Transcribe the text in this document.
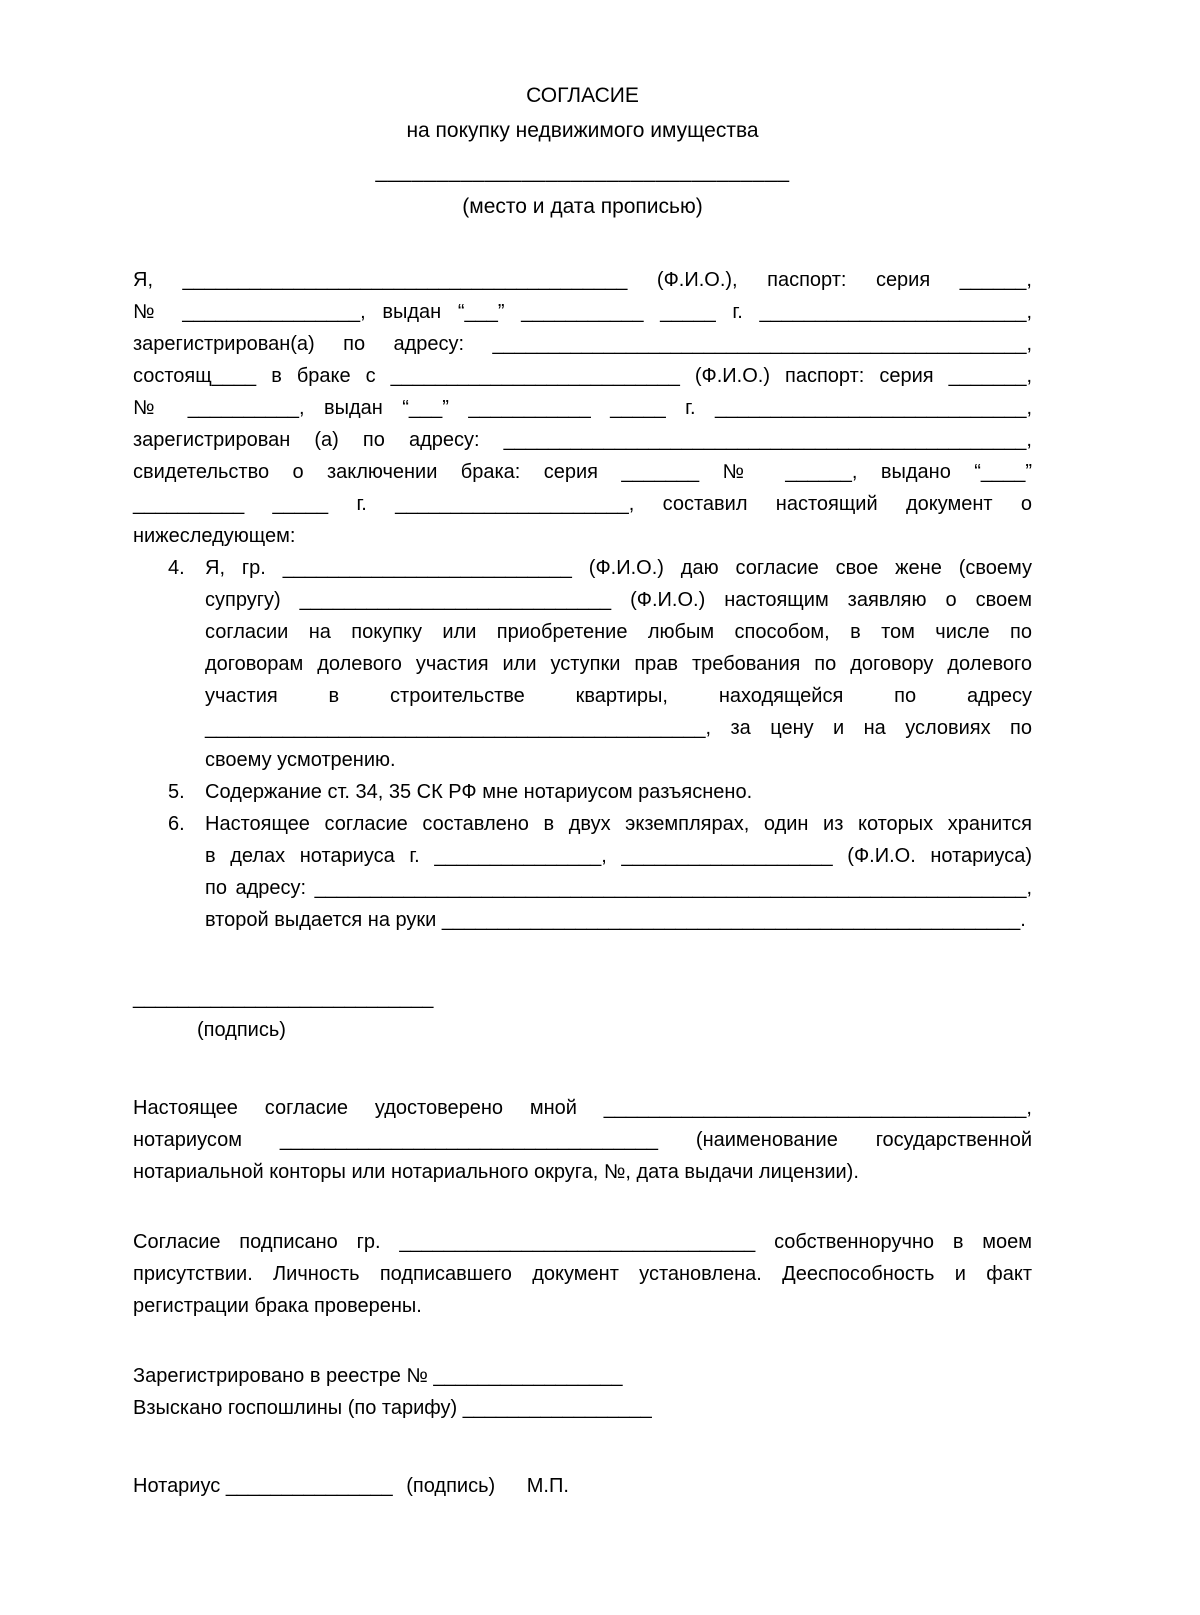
СОГЛАСИЕ
на покупку недвижимого имущества
__________________________________
(место и дата прописью)
Я, ________________________________________ (Ф.И.О.), паспорт: серия ______,
№ ________________, выдан “___” ___________ _____ г. ________________________,
зарегистрирован(а) по адресу: ________________________________________________,
состоящ____ в браке с __________________________ (Ф.И.О.) паспорт: серия _______,
№ __________, выдан “___” ___________ _____ г. ____________________________,
зарегистрирован (а) по адресу: _______________________________________________,
свидетельство о заключении брака: серия _______ № ______, выдано “____”
__________ _____ г. _____________________, составил настоящий документ о
нижеследующем:
4.	Я, гр. __________________________ (Ф.И.О.) даю согласие свое жене (своему
супругу) ____________________________ (Ф.И.О.) настоящим заявляю о своем
согласии на покупку или приобретение любым способом, в том числе по
договорам долевого участия или уступки прав требования по договору долевого
участия в строительстве квартиры, находящейся по адресу
_____________________________________________, за цену и на условиях по
своему усмотрению.
5.	Содержание ст. 34, 35 СК РФ мне нотариусом разъяснено.
6.	Настоящее согласие составлено в двух экземплярах, один из которых хранится
в делах нотариуса г. _______________, ___________________ (Ф.И.О. нотариуса)
по адресу: ________________________________________________________________,
второй выдается на руки ____________________________________________________.
___________________________
(подпись)
Настоящее согласие удостоверено мной ______________________________________,
нотариусом __________________________________ (наименование государственной
нотариальной конторы или нотариального округа, №, дата выдачи лицензии).
Согласие подписано гр. ________________________________ собственноручно в моем
присутствии. Личность подписавшего документ установлена. Дееспособность и факт
регистрации брака проверены.
Зарегистрировано в реестре № _________________
Взыскано госпошлины (по тарифу) _________________
Нотариус _______________ (подпись) М.П.
